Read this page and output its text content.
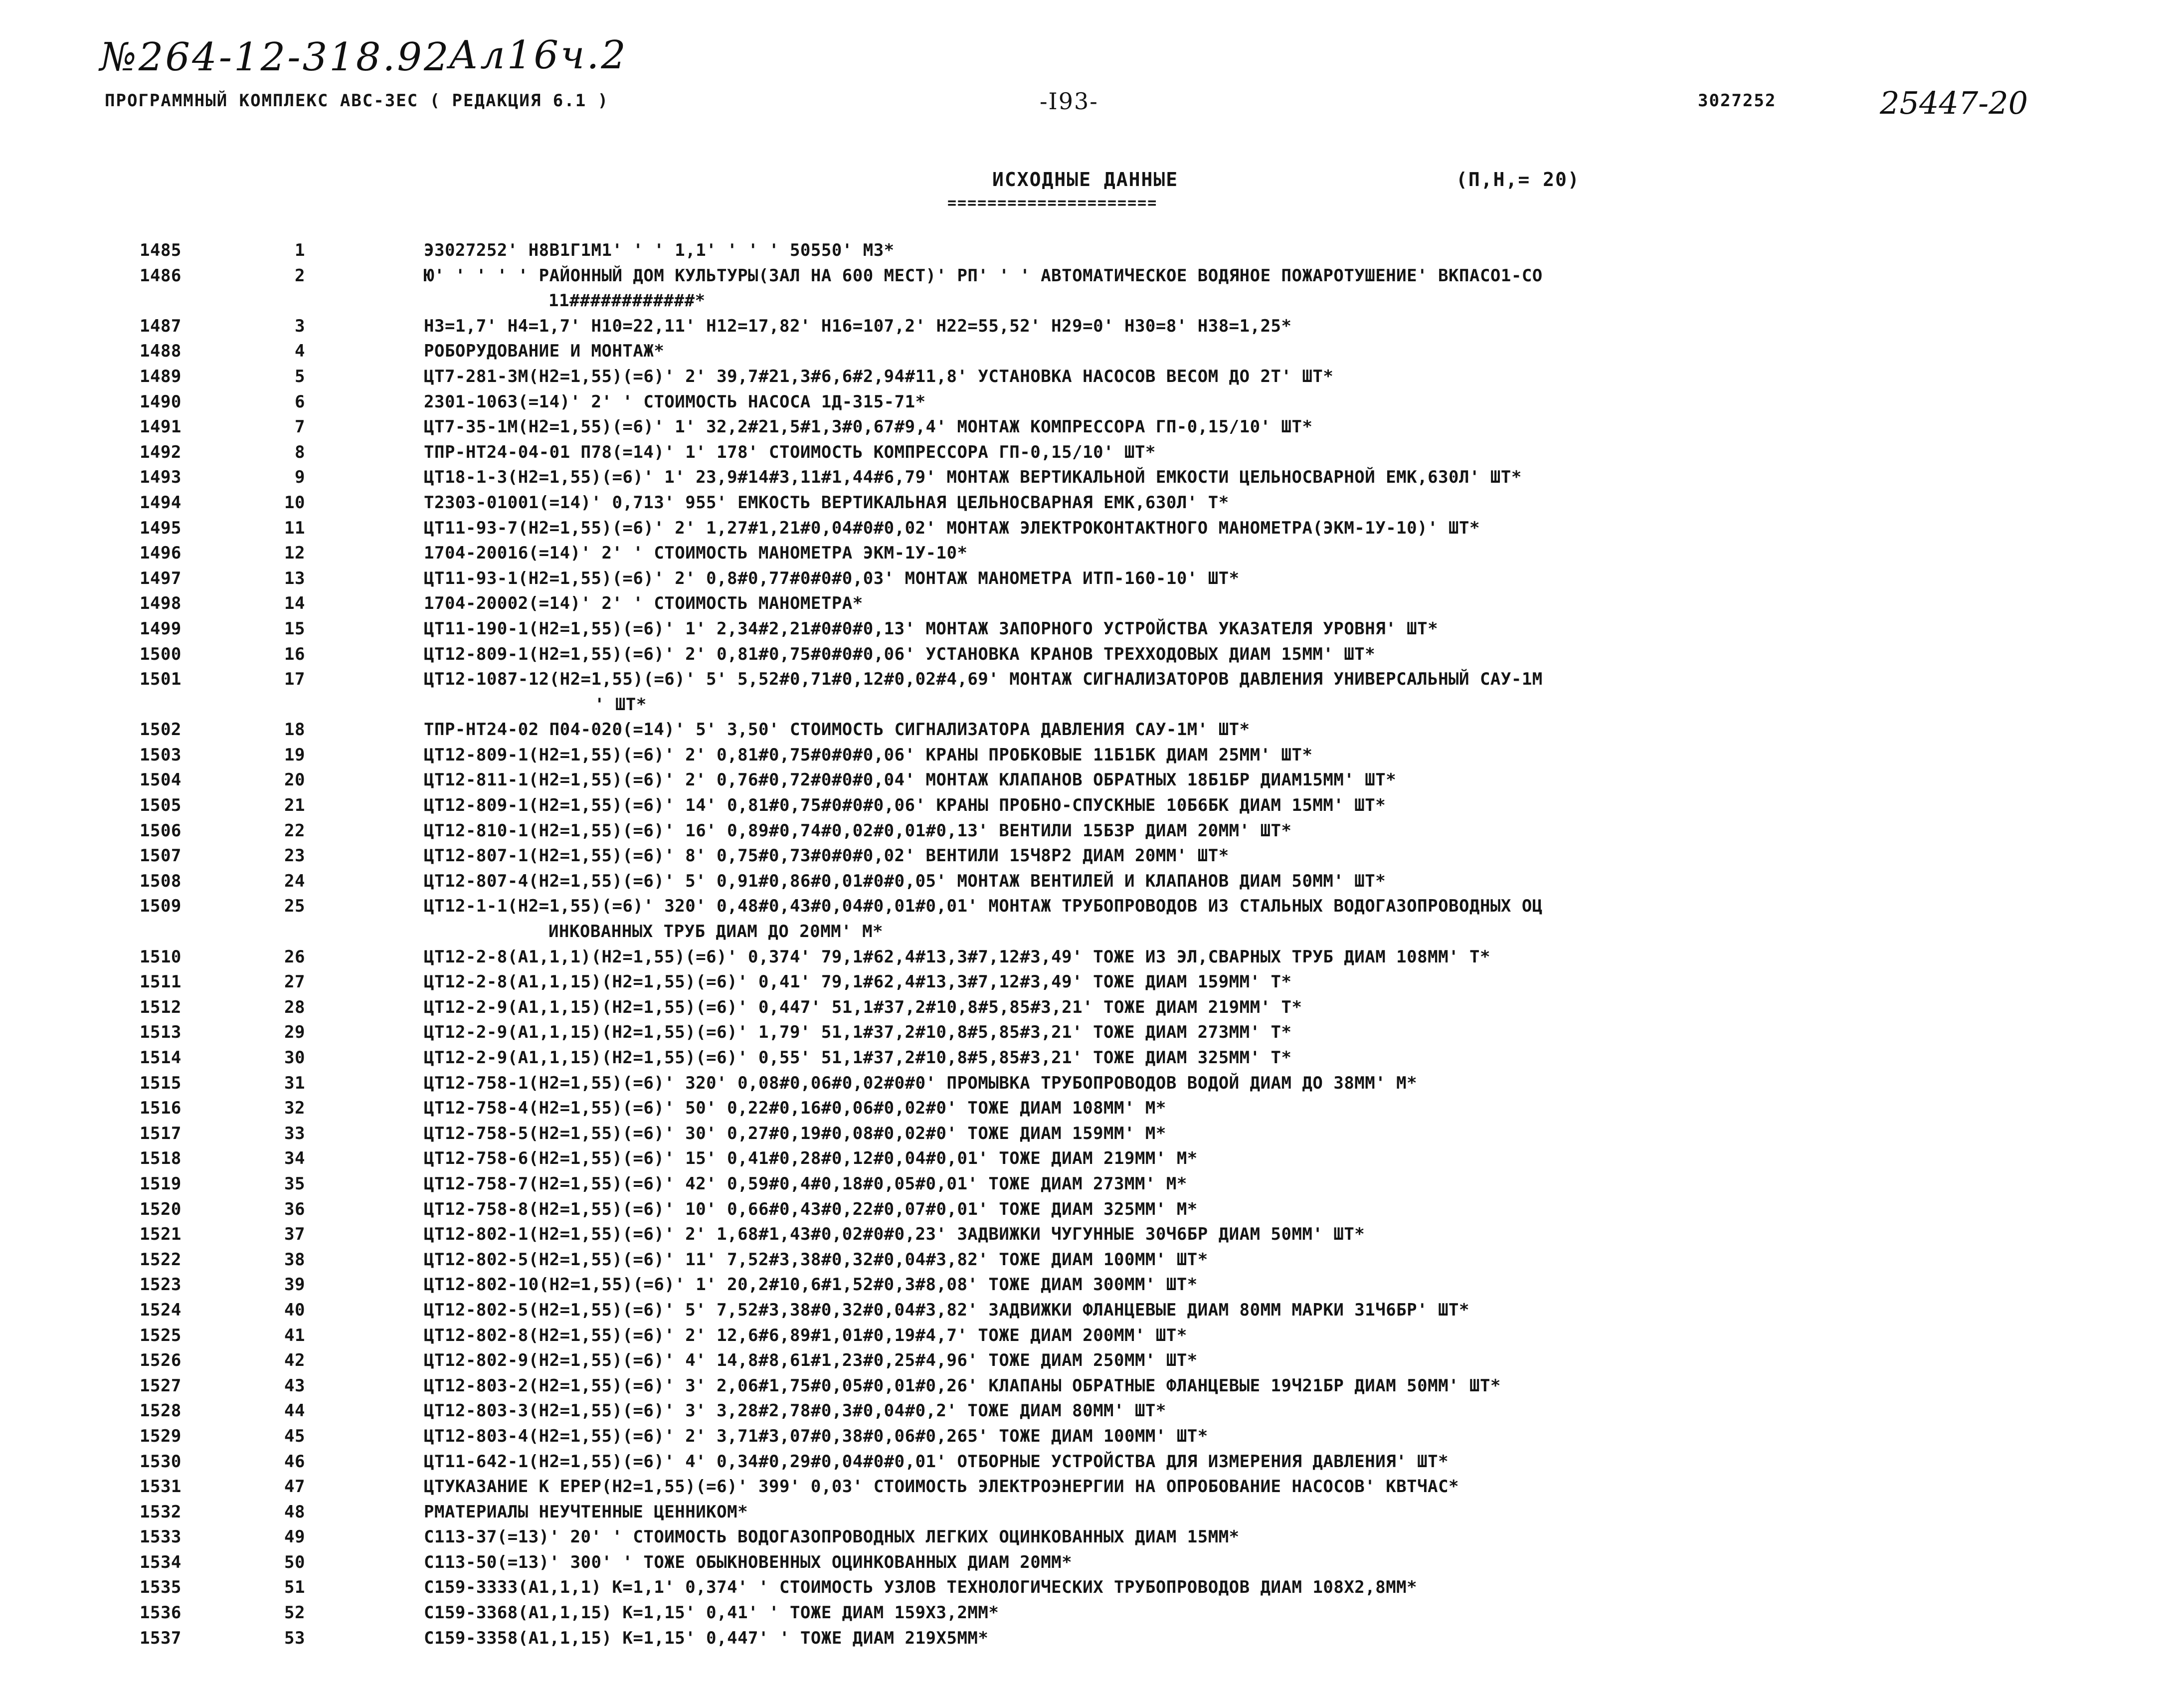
№264-12-318.92
Ал16ч.2
25447-20
ПРОГРАММНЫЙ КОМПЛЕКС АВС-3ЕС ( РЕДАКЦИЯ 6.1 )	-I93-	3027252
ИСХОДНЫЕ ДАННЫЕ
=====================
(П,Н,= 20)
1485	1	Э3027252' Н8В1Г1М1' ' ' 1,1' ' ' ' 50550' М3*
1486	2	Ю' ' ' ' ' РАЙОННЫЙ ДОМ КУЛЬТУРЫ(ЗАЛ НА 600 МЕСТ)' РП' ' ' АВТОМАТИЧЕСКОЕ ВОДЯНОЕ ПОЖАРОТУШЕНИЕ' ВКПАСО1-СО
11############*
1487	3	Н3=1,7' Н4=1,7' Н10=22,11' Н12=17,82' Н16=107,2' Н22=55,52' Н29=0' Н30=8' Н38=1,25*
1488	4	РОБОРУДОВАНИЕ И МОНТАЖ*
1489	5	ЦТ7-281-3М(Н2=1,55)(=6)' 2' 39,7#21,3#6,6#2,94#11,8' УСТАНОВКА НАСОСОВ ВЕСОМ ДО 2Т' ШТ*
1490	6	2301-1063(=14)' 2' ' СТОИМОСТЬ НАСОСА 1Д-315-71*
1491	7	ЦТ7-35-1М(Н2=1,55)(=6)' 1' 32,2#21,5#1,3#0,67#9,4' МОНТАЖ КОМПРЕССОРА ГП-0,15/10' ШТ*
1492	8	ТПР-НТ24-04-01 П78(=14)' 1' 178' СТОИМОСТЬ КОМПРЕССОРА ГП-0,15/10' ШТ*
1493	9	ЦТ18-1-3(Н2=1,55)(=6)' 1' 23,9#14#3,11#1,44#6,79' МОНТАЖ ВЕРТИКАЛЬНОЙ ЕМКОСТИ ЦЕЛЬНОСВАРНОЙ ЕМК,630Л' ШТ*
1494	10	Т2303-01001(=14)' 0,713' 955' ЕМКОСТЬ ВЕРТИКАЛЬНАЯ ЦЕЛЬНОСВАРНАЯ ЕМК,630Л' Т*
1495	11	ЦТ11-93-7(Н2=1,55)(=6)' 2' 1,27#1,21#0,04#0#0,02' МОНТАЖ ЭЛЕКТРОКОНТАКТНОГО МАНОМЕТРА(ЭКМ-1У-10)' ШТ*
1496	12	1704-20016(=14)' 2' ' СТОИМОСТЬ МАНОМЕТРА ЭКМ-1У-10*
1497	13	ЦТ11-93-1(Н2=1,55)(=6)' 2' 0,8#0,77#0#0#0,03' МОНТАЖ МАНОМЕТРА ИТП-160-10' ШТ*
1498	14	1704-20002(=14)' 2' ' СТОИМОСТЬ МАНОМЕТРА*
1499	15	ЦТ11-190-1(Н2=1,55)(=6)' 1' 2,34#2,21#0#0#0,13' МОНТАЖ ЗАПОРНОГО УСТРОЙСТВА УКАЗАТЕЛЯ УРОВНЯ' ШТ*
1500	16	ЦТ12-809-1(Н2=1,55)(=6)' 2' 0,81#0,75#0#0#0,06' УСТАНОВКА КРАНОВ ТРЕХХОДОВЫХ ДИАМ 15ММ' ШТ*
1501	17	ЦТ12-1087-12(Н2=1,55)(=6)' 5' 5,52#0,71#0,12#0,02#4,69' МОНТАЖ СИГНАЛИЗАТОРОВ ДАВЛЕНИЯ УНИВЕРСАЛЬНЫЙ САУ-1М
' ШТ*
1502	18	ТПР-НТ24-02 П04-020(=14)' 5' 3,50' СТОИМОСТЬ СИГНАЛИЗАТОРА ДАВЛЕНИЯ САУ-1М' ШТ*
1503	19	ЦТ12-809-1(Н2=1,55)(=6)' 2' 0,81#0,75#0#0#0,06' КРАНЫ ПРОБКОВЫЕ 11Б1БК ДИАМ 25ММ' ШТ*
1504	20	ЦТ12-811-1(Н2=1,55)(=6)' 2' 0,76#0,72#0#0#0,04' МОНТАЖ КЛАПАНОВ ОБРАТНЫХ 18Б1БР ДИАМ15ММ' ШТ*
1505	21	ЦТ12-809-1(Н2=1,55)(=6)' 14' 0,81#0,75#0#0#0,06' КРАНЫ ПРОБНО-СПУСКНЫЕ 10Б6БК ДИАМ 15ММ' ШТ*
1506	22	ЦТ12-810-1(Н2=1,55)(=6)' 16' 0,89#0,74#0,02#0,01#0,13' ВЕНТИЛИ 15Б3Р ДИАМ 20ММ' ШТ*
1507	23	ЦТ12-807-1(Н2=1,55)(=6)' 8' 0,75#0,73#0#0#0,02' ВЕНТИЛИ 15Ч8Р2 ДИАМ 20ММ' ШТ*
1508	24	ЦТ12-807-4(Н2=1,55)(=6)' 5' 0,91#0,86#0,01#0#0,05' МОНТАЖ ВЕНТИЛЕЙ И КЛАПАНОВ ДИАМ 50ММ' ШТ*
1509	25	ЦТ12-1-1(Н2=1,55)(=6)' 320' 0,48#0,43#0,04#0,01#0,01' МОНТАЖ ТРУБОПРОВОДОВ ИЗ СТАЛЬНЫХ ВОДОГАЗОПРОВОДНЫХ ОЦ
ИНКОВАННЫХ ТРУБ ДИАМ ДО 20ММ' М*
1510	26	ЦТ12-2-8(А1,1,1)(Н2=1,55)(=6)' 0,374' 79,1#62,4#13,3#7,12#3,49' ТОЖЕ ИЗ ЭЛ,СВАРНЫХ ТРУБ ДИАМ 108ММ' Т*
1511	27	ЦТ12-2-8(А1,1,15)(Н2=1,55)(=6)' 0,41' 79,1#62,4#13,3#7,12#3,49' ТОЖЕ ДИАМ 159ММ' Т*
1512	28	ЦТ12-2-9(А1,1,15)(Н2=1,55)(=6)' 0,447' 51,1#37,2#10,8#5,85#3,21' ТОЖЕ ДИАМ 219ММ' Т*
1513	29	ЦТ12-2-9(А1,1,15)(Н2=1,55)(=6)' 1,79' 51,1#37,2#10,8#5,85#3,21' ТОЖЕ ДИАМ 273ММ' Т*
1514	30	ЦТ12-2-9(А1,1,15)(Н2=1,55)(=6)' 0,55' 51,1#37,2#10,8#5,85#3,21' ТОЖЕ ДИАМ 325ММ' Т*
1515	31	ЦТ12-758-1(Н2=1,55)(=6)' 320' 0,08#0,06#0,02#0#0' ПРОМЫВКА ТРУБОПРОВОДОВ ВОДОЙ ДИАМ ДО 38ММ' М*
1516	32	ЦТ12-758-4(Н2=1,55)(=6)' 50' 0,22#0,16#0,06#0,02#0' ТОЖЕ ДИАМ 108ММ' М*
1517	33	ЦТ12-758-5(Н2=1,55)(=6)' 30' 0,27#0,19#0,08#0,02#0' ТОЖЕ ДИАМ 159ММ' М*
1518	34	ЦТ12-758-6(Н2=1,55)(=6)' 15' 0,41#0,28#0,12#0,04#0,01' ТОЖЕ ДИАМ 219ММ' М*
1519	35	ЦТ12-758-7(Н2=1,55)(=6)' 42' 0,59#0,4#0,18#0,05#0,01' ТОЖЕ ДИАМ 273ММ' М*
1520	36	ЦТ12-758-8(Н2=1,55)(=6)' 10' 0,66#0,43#0,22#0,07#0,01' ТОЖЕ ДИАМ 325ММ' М*
1521	37	ЦТ12-802-1(Н2=1,55)(=6)' 2' 1,68#1,43#0,02#0#0,23' ЗАДВИЖКИ ЧУГУННЫЕ 30Ч6БР ДИАМ 50ММ' ШТ*
1522	38	ЦТ12-802-5(Н2=1,55)(=6)' 11' 7,52#3,38#0,32#0,04#3,82' ТОЖЕ ДИАМ 100ММ' ШТ*
1523	39	ЦТ12-802-10(Н2=1,55)(=6)' 1' 20,2#10,6#1,52#0,3#8,08' ТОЖЕ ДИАМ 300ММ' ШТ*
1524	40	ЦТ12-802-5(Н2=1,55)(=6)' 5' 7,52#3,38#0,32#0,04#3,82' ЗАДВИЖКИ ФЛАНЦЕВЫЕ ДИАМ 80ММ МАРКИ 31Ч6БР' ШТ*
1525	41	ЦТ12-802-8(Н2=1,55)(=6)' 2' 12,6#6,89#1,01#0,19#4,7' ТОЖЕ ДИАМ 200ММ' ШТ*
1526	42	ЦТ12-802-9(Н2=1,55)(=6)' 4' 14,8#8,61#1,23#0,25#4,96' ТОЖЕ ДИАМ 250ММ' ШТ*
1527	43	ЦТ12-803-2(Н2=1,55)(=6)' 3' 2,06#1,75#0,05#0,01#0,26' КЛАПАНЫ ОБРАТНЫЕ ФЛАНЦЕВЫЕ 19Ч21БР ДИАМ 50ММ' ШТ*
1528	44	ЦТ12-803-3(Н2=1,55)(=6)' 3' 3,28#2,78#0,3#0,04#0,2' ТОЖЕ ДИАМ 80ММ' ШТ*
1529	45	ЦТ12-803-4(Н2=1,55)(=6)' 2' 3,71#3,07#0,38#0,06#0,265' ТОЖЕ ДИАМ 100ММ' ШТ*
1530	46	ЦТ11-642-1(Н2=1,55)(=6)' 4' 0,34#0,29#0,04#0#0,01' ОТБОРНЫЕ УСТРОЙСТВА ДЛЯ ИЗМЕРЕНИЯ ДАВЛЕНИЯ' ШТ*
1531	47	ЦТУКАЗАНИЕ К ЕРЕР(Н2=1,55)(=6)' 399' 0,03' СТОИМОСТЬ ЭЛЕКТРОЭНЕРГИИ НА ОПРОБОВАНИЕ НАСОСОВ' КВТЧАС*
1532	48	РМАТЕРИАЛЫ НЕУЧТЕННЫЕ ЦЕННИКОМ*
1533	49	С113-37(=13)' 20' ' СТОИМОСТЬ ВОДОГАЗОПРОВОДНЫХ ЛЕГКИХ ОЦИНКОВАННЫХ ДИАМ 15ММ*
1534	50	С113-50(=13)' 300' ' ТОЖЕ ОБЫКНОВЕННЫХ ОЦИНКОВАННЫХ ДИАМ 20ММ*
1535	51	С159-3333(А1,1,1) К=1,1' 0,374' ' СТОИМОСТЬ УЗЛОВ ТЕХНОЛОГИЧЕСКИХ ТРУБОПРОВОДОВ ДИАМ 108Х2,8ММ*
1536	52	С159-3368(А1,1,15) К=1,15' 0,41' ' ТОЖЕ ДИАМ 159Х3,2ММ*
1537	53	С159-3358(А1,1,15) К=1,15' 0,447' ' ТОЖЕ ДИАМ 219Х5ММ*
